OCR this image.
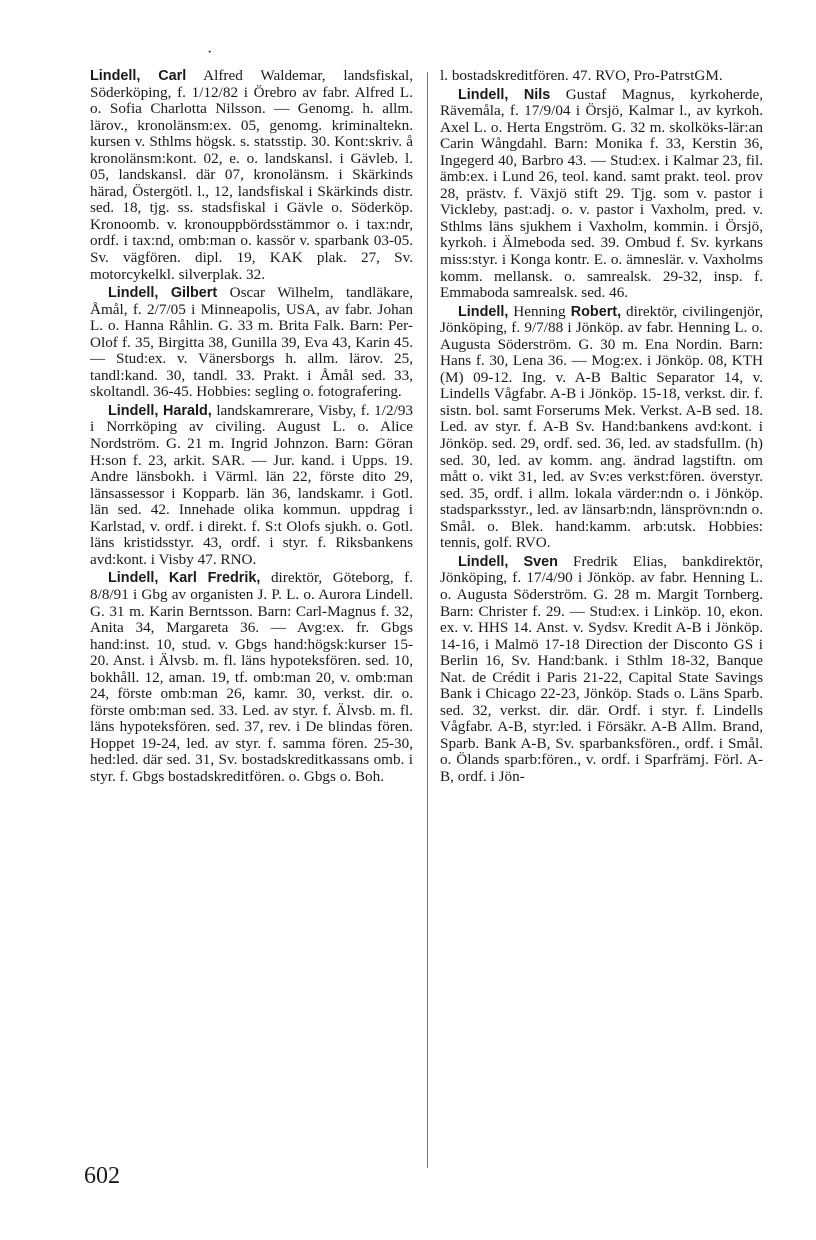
·

Lindell, Carl Alfred Waldemar, landsfiskal, Söderköping, f. 1/12/82 i Örebro av fabr. Alfred L. o. Sofia Charlotta Nilsson. — Genomg. h. allm. lärov., kronolänsm:ex. 05, genomg. kriminaltekn. kursen v. Sthlms högsk. s. statsstip. 30. Kont:skriv. å kronolänsm:kont. 02, e. o. landskansl. i Gävleb. l. 05, landskansl. där 07, kronolänsm. i Skärkinds härad, Östergötl. l., 12, landsfiskal i Skärkinds distr. sed. 18, tjg. ss. stadsfiskal i Gävle o. Söderköp. Kronoomb. v. kronouppbördsstämmor o. i tax:ndr, ordf. i tax:nd, omb:man o. kassör v. sparbank 03-05. Sv. vägfören. dipl. 19, KAK plak. 27, Sv. motorcykelkl. silverplak. 32.

Lindell, Gilbert Oscar Wilhelm, tandläkare, Åmål, f. 2/7/05 i Minneapolis, USA, av fabr. Johan L. o. Hanna Råhlin. G. 33 m. Brita Falk. Barn: Per-Olof f. 35, Birgitta 38, Gunilla 39, Eva 43, Karin 45. — Stud:ex. v. Vänersborgs h. allm. lärov. 25, tandl:kand. 30, tandl. 33. Prakt. i Åmål sed. 33, skoltandl. 36-45. Hobbies: segling o. fotografering.

Lindell, Harald, landskamrerare, Visby, f. 1/2/93 i Norrköping av civiling. August L. o. Alice Nordström. G. 21 m. Ingrid Johnzon. Barn: Göran H:son f. 23, arkit. SAR. — Jur. kand. i Upps. 19. Andre länsbokh. i Värml. län 22, förste dito 29, länsassessor i Kopparb. län 36, landskamr. i Gotl. län sed. 42. Innehade olika kommun. uppdrag i Karlstad, v. ordf. i direkt. f. S:t Olofs sjukh. o. Gotl. läns kristidsstyr. 43, ordf. i styr. f. Riksbankens avd:kont. i Visby 47. RNO.

Lindell, Karl Fredrik, direktör, Göteborg, f. 8/8/91 i Gbg av organisten J. P. L. o. Aurora Lindell. G. 31 m. Karin Berntsson. Barn: Carl-Magnus f. 32, Anita 34, Margareta 36. — Avg:ex. fr. Gbgs hand:inst. 10, stud. v. Gbgs hand:högsk:kurser 15-20. Anst. i Älvsb. m. fl. läns hypoteksfören. sed. 10, bokhåll. 12, aman. 19, tf. omb:man 20, v. omb:man 24, förste omb:man 26, kamr. 30, verkst. dir. o. förste omb:man sed. 33. Led. av styr. f. Älvsb. m. fl. läns hypoteksfören. sed. 37, rev. i De blindas fören. Hoppet 19-24, led. av styr. f. samma fören. 25-30, hed:led. där sed. 31, Sv. bostadskreditkassans omb. i styr. f. Gbgs bostadskreditfören. o. Gbgs o. Boh.

l. bostadskreditfören. 47. RVO, Pro-PatrstGM.

Lindell, Nils Gustaf Magnus, kyrkoherde, Rävemåla, f. 17/9/04 i Örsjö, Kalmar l., av kyrkoh. Axel L. o. Herta Engström. G. 32 m. skolköks-lär:an Carin Wångdahl. Barn: Monika f. 33, Kerstin 36, Ingegerd 40, Barbro 43. — Stud:ex. i Kalmar 23, fil. ämb:ex. i Lund 26, teol. kand. samt prakt. teol. prov 28, prästv. f. Växjö stift 29. Tjg. som v. pastor i Vickleby, past:adj. o. v. pastor i Vaxholm, pred. v. Sthlms läns sjukhem i Vaxholm, kommin. i Örsjö, kyrkoh. i Älmeboda sed. 39. Ombud f. Sv. kyrkans miss:styr. i Konga kontr. E. o. ämneslär. v. Vaxholms komm. mellansk. o. samrealsk. 29-32, insp. f. Emmaboda samrealsk. sed. 46.

Lindell, Henning Robert, direktör, civilingenjör, Jönköping, f. 9/7/88 i Jönköp. av fabr. Henning L. o. Augusta Söderström. G. 30 m. Ena Nordin. Barn: Hans f. 30, Lena 36. — Mog:ex. i Jönköp. 08, KTH (M) 09-12. Ing. v. A-B Baltic Separator 14, v. Lindells Vågfabr. A-B i Jönköp. 15-18, verkst. dir. f. sistn. bol. samt Forserums Mek. Verkst. A-B sed. 18. Led. av styr. f. A-B Sv. Hand:bankens avd:kont. i Jönköp. sed. 29, ordf. sed. 36, led. av stadsfullm. (h) sed. 30, led. av komm. ang. ändrad lagstiftn. om mått o. vikt 31, led. av Sv:es verkst:fören. överstyr. sed. 35, ordf. i allm. lokala värder:ndn o. i Jönköp. stadsparksstyr., led. av länsarb:ndn, länsprövn:ndn o. Smål. o. Blek. hand:kamm. arb:utsk. Hobbies: tennis, golf. RVO.

Lindell, Sven Fredrik Elias, bankdirektör, Jönköping, f. 17/4/90 i Jönköp. av fabr. Henning L. o. Augusta Söderström. G. 28 m. Margit Tornberg. Barn: Christer f. 29. — Stud:ex. i Linköp. 10, ekon. ex. v. HHS 14. Anst. v. Sydsv. Kredit A-B i Jönköp. 14-16, i Malmö 17-18 Direction der Disconto GS i Berlin 16, Sv. Hand:bank. i Sthlm 18-32, Banque Nat. de Crédit i Paris 21-22, Capital State Savings Bank i Chicago 22-23, Jönköp. Stads o. Läns Sparb. sed. 32, verkst. dir. där. Ordf. i styr. f. Lindells Vågfabr. A-B, styr:led. i Försäkr. A-B Allm. Brand, Sparb. Bank A-B, Sv. sparbanksfören., ordf. i Smål. o. Ölands sparb:fören., v. ordf. i Sparfrämj. Förl. A-B, ordf. i Jön-

602
